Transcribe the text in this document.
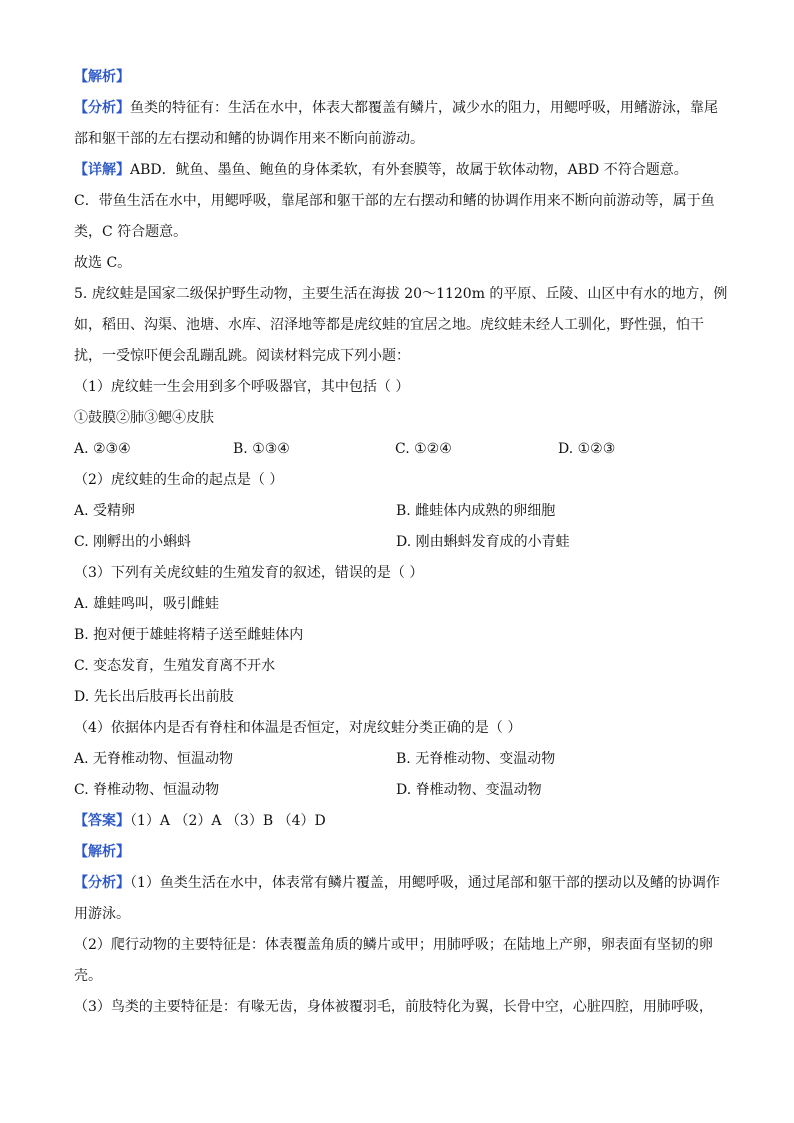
【解析】
【分析】鱼类的特征有：生活在水中，体表大都覆盖有鳞片，减少水的阻力，用鳃呼吸，用鳍游泳，靠尾
部和躯干部的左右摆动和鳍的协调作用来不断向前游动。
【详解】ABD．鱿鱼、墨鱼、鲍鱼的身体柔软，有外套膜等，故属于软体动物，ABD 不符合题意。
C．带鱼生活在水中，用鳃呼吸，靠尾部和躯干部的左右摆动和鳍的协调作用来不断向前游动等，属于鱼
类，C 符合题意。
故选 C。
5. 虎纹蛙是国家二级保护野生动物，主要生活在海拔 20～1120m 的平原、丘陵、山区中有水的地方，例
如，稻田、沟渠、池塘、水库、沼泽地等都是虎纹蛙的宜居之地。虎纹蛙未经人工驯化，野性强，怕干
扰，一受惊吓便会乱蹦乱跳。阅读材料完成下列小题：
（1）虎纹蛙一生会用到多个呼吸器官，其中包括（ ）
①鼓膜②肺③鳃④皮肤
A. ②③④	B. ①③④	C. ①②④	D. ①②③
（2）虎纹蛙的生命的起点是（ ）
A. 受精卵	B. 雌蛙体内成熟的卵细胞
C. 刚孵出的小蝌蚪	D. 刚由蝌蚪发育成的小青蛙
（3）下列有关虎纹蛙的生殖发育的叙述，错误的是（ ）
A. 雄蛙鸣叫，吸引雌蛙
B. 抱对便于雄蛙将精子送至雌蛙体内
C. 变态发育，生殖发育离不开水
D. 先长出后肢再长出前肢
（4）依据体内是否有脊柱和体温是否恒定，对虎纹蛙分类正确的是（ ）
A. 无脊椎动物、恒温动物	B. 无脊椎动物、变温动物
C. 脊椎动物、恒温动物	D. 脊椎动物、变温动物
【答案】（1）A （2）A （3）B （4）D
【解析】
【分析】（1）鱼类生活在水中，体表常有鳞片覆盖，用鳃呼吸，通过尾部和躯干部的摆动以及鳍的协调作
用游泳。
（2）爬行动物的主要特征是：体表覆盖角质的鳞片或甲；用肺呼吸；在陆地上产卵，卵表面有坚韧的卵
壳。
（3）鸟类的主要特征是：有喙无齿，身体被覆羽毛，前肢特化为翼，长骨中空，心脏四腔，用肺呼吸，
